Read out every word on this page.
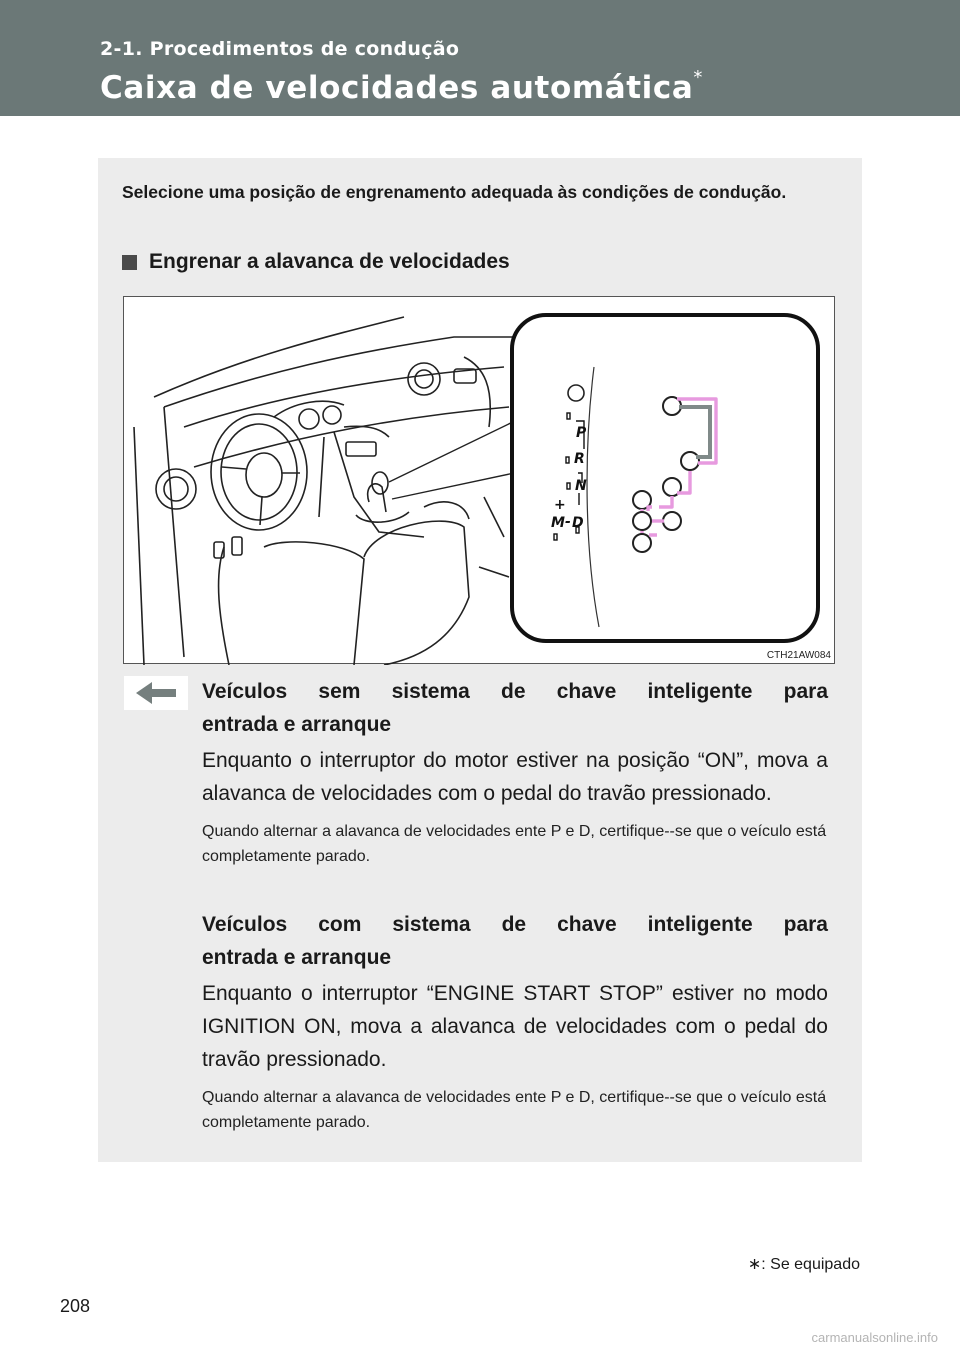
2-1. Procedimentos de condução
Caixa de velocidades automática*
Selecione uma posição de engrenamento adequada às condições de condução.
Engrenar a alavanca de velocidades
P
R
N
D
M
+
-
CTH21AW084
Veículos sem sistema de chave inteligente para
entrada e arranque
Enquanto o interruptor do motor estiver na posição “ON”, mova a alavanca de velocidades com o pedal do travão pressionado.
Quando alternar a alavanca de velocidades ente P e D, certifique--se que o veículo está completamente parado.
Veículos com sistema de chave inteligente para
entrada e arranque
Enquanto o interruptor “ENGINE START STOP” estiver no modo IGNITION ON, mova a alavanca de velocidades com o pedal do travão pressionado.
Quando alternar a alavanca de velocidades ente P e D, certifique--se que o veículo está completamente parado.
∗: Se equipado
208
carmanualsonline.info
